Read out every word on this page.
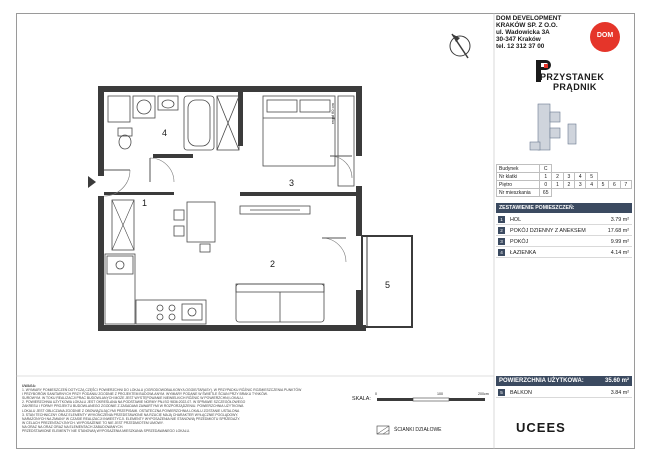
1
2
3
4
5
regał 60 cm
DOM DEVELOPMENT
KRAKÓW SP. Z O.O.
ul. Wadowicka 3A
30-347 Kraków
tel. 12 312 37 00
DOM
PRZYSTANEK
PRĄDNIK
Budynek	C							
Nr klatki	1	2	3	4	5			
Piętro	0	1	2	3	4	5	6	7
Nr mieszkania	65							
ZESTAWIENIE POMIESZCZEŃ:
1	HOL	3.79 m²
2	POKÓJ DZIENNY Z ANEKSEM	17.68 m²
3	POKÓJ	9.99 m²
4	ŁAZIENKA	4.14 m²
POWIERZCHNIA UŻYTKOWA:	35.60 m²
5	BALKON	3.84 m²
SKALA:
0	100	200cm
ŚCIANKI DZIAŁOWE	UCEES

UWAGA:

1. WYMIARY POMIESZCZEŃ DOTYCZĄ CZĘŚCI POWIERZCHNI DO LOKALU (OGRODOWOBALKONY/LOGGIE/TARASY). W PRZYPADKU RÓŻNIC ROZMIESZCZENIA PUNKTÓW

I PRZYBORÓW SANITARNYCH PRZY PODANIU ZGODNIE Z PROJEKTEM BUDOWLANYM. WYMIARY PODANE W ŚWIETLE ŚCIAN PRZY BRAKU TYNKÓW.

SUROWYM. W TOKU REALIZACJI PRAC BUDOWLANYCH MOŻE JEST WYSTĘPOWANIE NIEWIELKICH RÓŻNIC W POWIERZCHNI LOKALU.

2. POWIERZCHNIA UŻYTKOWA LOKALU JEST OKREŚLANA NA PODSTAWIE NORMY PN-ISO 9836:2022-07. W SPRAWIE SZCZEGÓŁOWEGO

ZAKRESU I FORMY PROJEKTU BUDOWLANEGO ZGODNIE Z ZASADAMI ZAWARTYMI W ROZPORZĄDZENIU. POWIERZCHNIA UŻYTKOWA

LOKALU JEST OBLICZANA ZGODNIE Z OBOWIĄZUJĄCYMI PRZEPISAMI. OSTATECZNA POWIERZCHNIA LOKALU ZOSTANIE USTALONA

3. STAN TECHNICZNY ORAZ ELEMENTY WYKOŃCZENIA PRZEDSTAWIONE NA RZUCIE MAJĄ CHARAKTER WYŁĄCZNIE POGLĄDOWY.

NARAŻONYCH NA ZMIANY W CZASIE REALIZACJI INWESTYCJI. ELEMENTY WYPOSAŻENIA NIE STANOWIĄ PRZEDMIOTU SPRZEDAŻY.

W CELACH PREZENTACYJNYCH. WYPOSAŻENIE TO NIE JEST PRZEDMIOTEM UMOWY.

NA ORAZ NA ORAZ ORAZ NA ELEMENTACH ZABUDOWANYCH.

PRZEDSTAWIONE ELEMENTY NIE STANOWIĄ WYPOSAŻENIA MIESZKANIA SPRZEDAWANEGO LOKALU.
